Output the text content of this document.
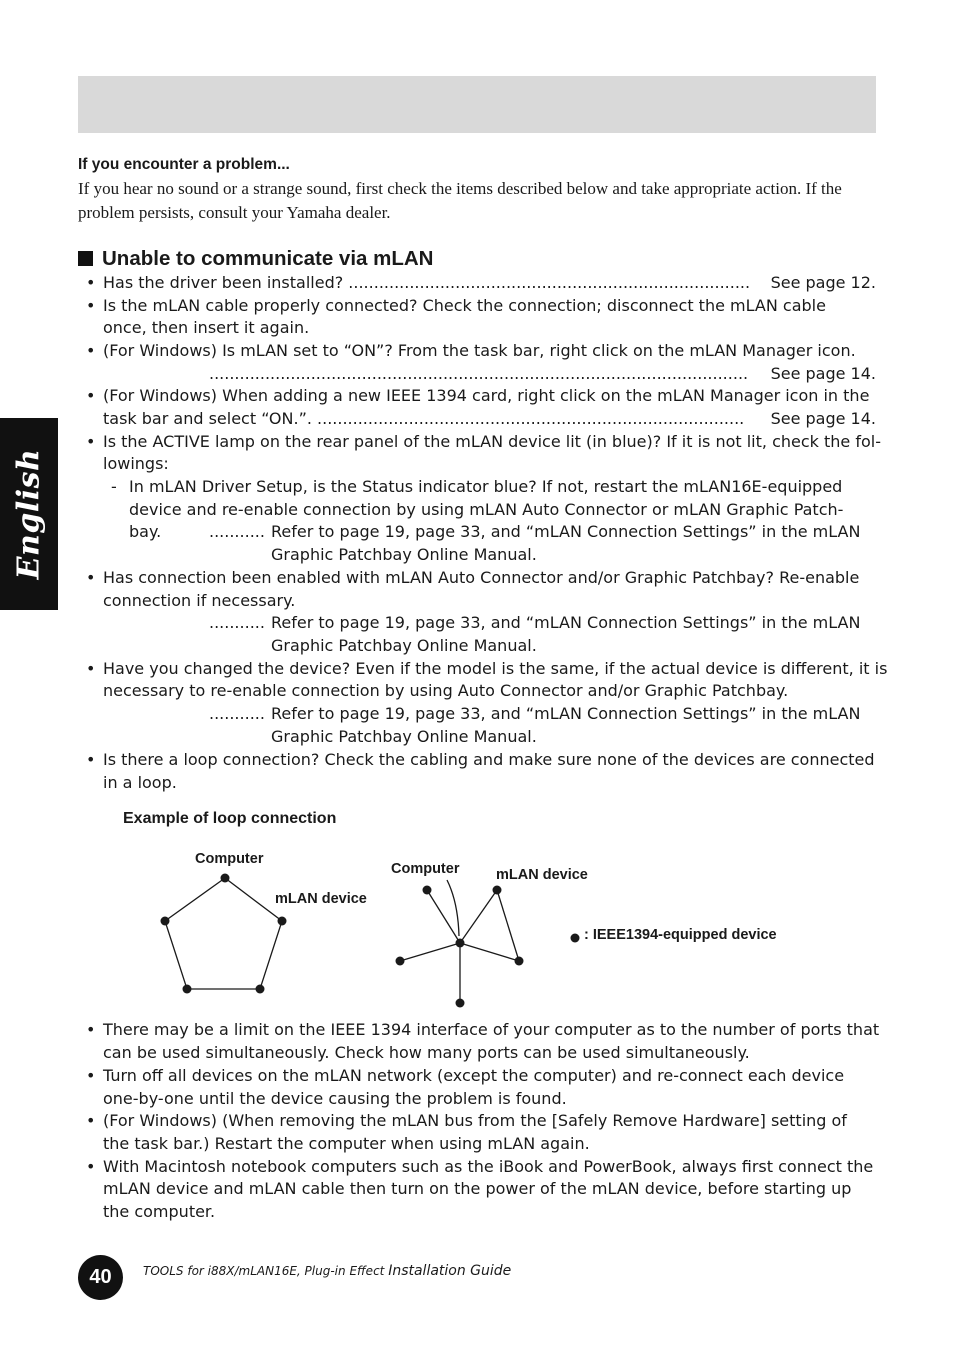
English
If you encounter a problem...
If you hear no sound or a strange sound, first check the items described below and take appropriate action. If the problem persists, consult your Yamaha dealer.
Unable to communicate via mLAN
•
Has the driver been installed? ............................................................................... See page 12.
•
Is the mLAN cable properly connected? Check the connection; disconnect the mLAN cable
once, then insert it again.
•
(For Windows) Is mLAN set to “ON”? From the task bar, right click on the mLAN Manager icon.
.......................................................................................................... See page 14.
•
(For Windows) When adding a new IEEE 1394 card, right click on the mLAN Manager icon in the
task bar and select “ON.”. .................................................................................... See page 14.
•
Is the ACTIVE lamp on the rear panel of the mLAN device lit (in blue)? If it is not lit, check the fol-
lowings:
- In mLAN Driver Setup, is the Status indicator blue? If not, restart the mLAN16E-equipped
device and re-enable connection by using mLAN Auto Connector or mLAN Graphic Patch-
bay.	........... Refer to page 19, page 33, and “mLAN Connection Settings” in the mLAN
Graphic Patchbay Online Manual.
•
Has connection been enabled with mLAN Auto Connector and/or Graphic Patchbay? Re-enable
connection if necessary.
........... Refer to page 19, page 33, and “mLAN Connection Settings” in the mLAN
Graphic Patchbay Online Manual.
•
Have you changed the device? Even if the model is the same, if the actual device is different, it is
necessary to re-enable connection by using Auto Connector and/or Graphic Patchbay.
........... Refer to page 19, page 33, and “mLAN Connection Settings” in the mLAN
Graphic Patchbay Online Manual.
•
Is there a loop connection? Check the cabling and make sure none of the devices are connected
in a loop.
Example of loop connection
Computer
mLAN device
Computer	mLAN device
: IEEE1394-equipped device
•
There may be a limit on the IEEE 1394 interface of your computer as to the number of ports that
can be used simultaneously. Check how many ports can be used simultaneously.
•
Turn off all devices on the mLAN network (except the computer) and re-connect each device
one-by-one until the device causing the problem is found.
•
(For Windows) (When removing the mLAN bus from the [Safely Remove Hardware] setting of
the task bar.) Restart the computer when using mLAN again.
•
With Macintosh notebook computers such as the iBook and PowerBook, always first connect the
mLAN device and mLAN cable then turn on the power of the mLAN device, before starting up
the computer.
40	TOOLS for i88X/mLAN16E, Plug-in Effect Installation Guide
